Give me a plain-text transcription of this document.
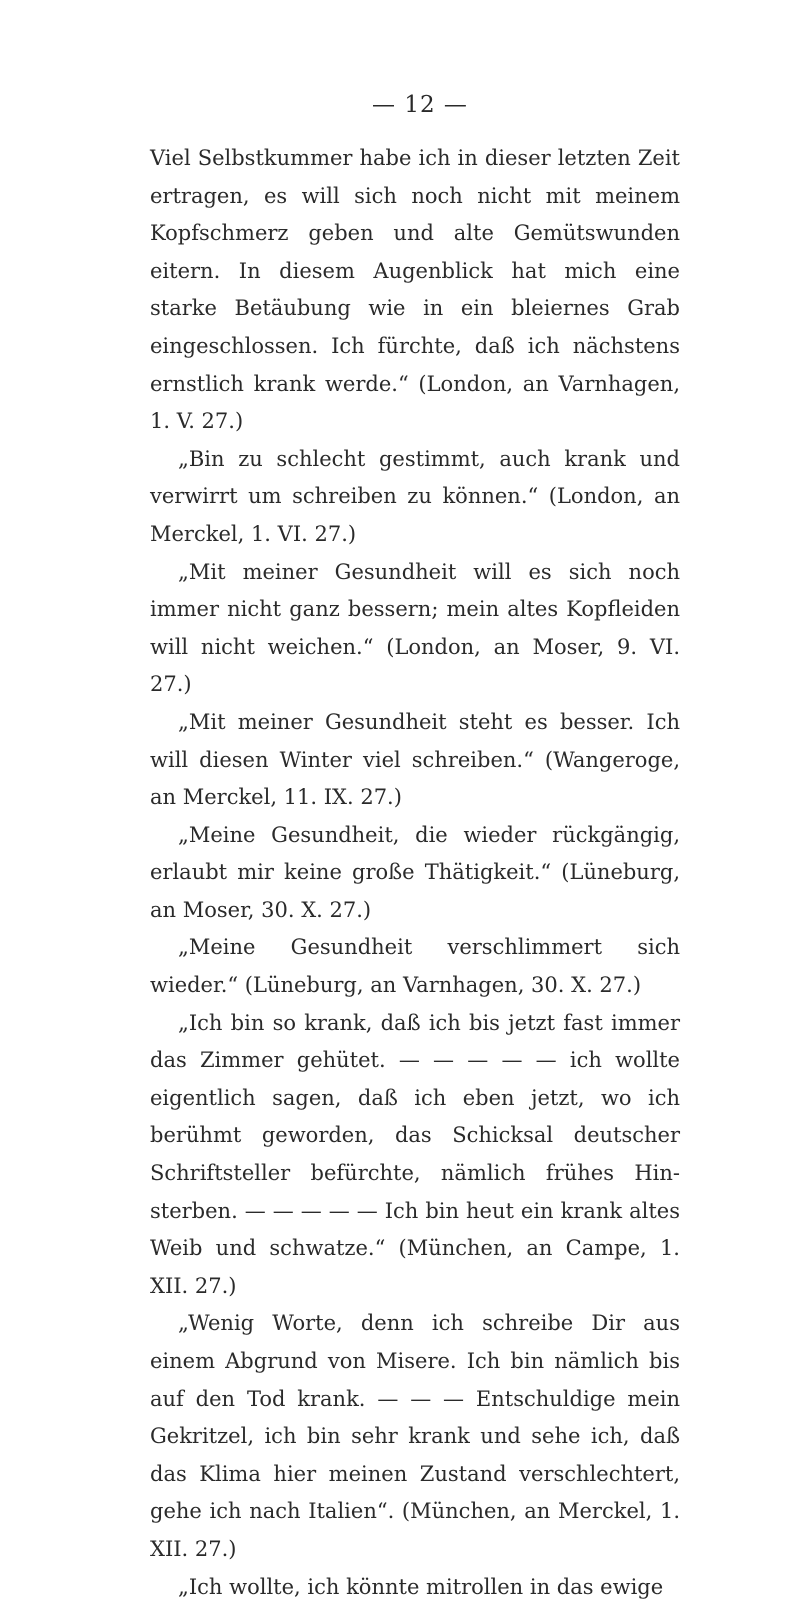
— 12 —

Viel Selbstkummer habe ich in dieser letzten Zeit ertragen, es will sich noch nicht mit meinem Kopfschmerz geben und alte Gemütswunden eitern. In diesem Augenblick hat mich eine starke Betäubung wie in ein bleiernes Grab eingeschlossen. Ich fürchte, daß ich nächstens ernstlich krank werde.“ (London, an Varnhagen, 1. V. 27.)

„Bin zu schlecht gestimmt, auch krank und verwirrt um schreiben zu können.“ (London, an Merckel, 1. VI. 27.)

„Mit meiner Gesundheit will es sich noch immer nicht ganz bessern; mein altes Kopfleiden will nicht weichen.“ (London, an Moser, 9. VI. 27.)

„Mit meiner Gesundheit steht es besser. Ich will diesen Winter viel schreiben.“ (Wangeroge, an Merckel, 11. IX. 27.)

„Meine Gesundheit, die wieder rückgängig, erlaubt mir keine große Thätigkeit.“ (Lüneburg, an Moser, 30. X. 27.)

„Meine Gesundheit verschlimmert sich wieder.“ (Lüneburg, an Varnhagen, 30. X. 27.)

„Ich bin so krank, daß ich bis jetzt fast immer das Zimmer gehütet. — — — — — ich wollte eigentlich sagen, daß ich eben jetzt, wo ich berühmt geworden, das Schicksal deutscher Schriftsteller befürchte, nämlich frühes Hinsterben. — — — — — Ich bin heut ein krank altes Weib und schwatze.“ (München, an Campe, 1. XII. 27.)

„Wenig Worte, denn ich schreibe Dir aus einem Abgrund von Misere. Ich bin nämlich bis auf den Tod krank. — — — Entschuldige mein Gekritzel, ich bin sehr krank und sehe ich, daß das Klima hier meinen Zustand verschlechtert, gehe ich nach Italien“. (München, an Merckel, 1. XII. 27.)

„Ich wollte, ich könnte mitrollen in das ewige
